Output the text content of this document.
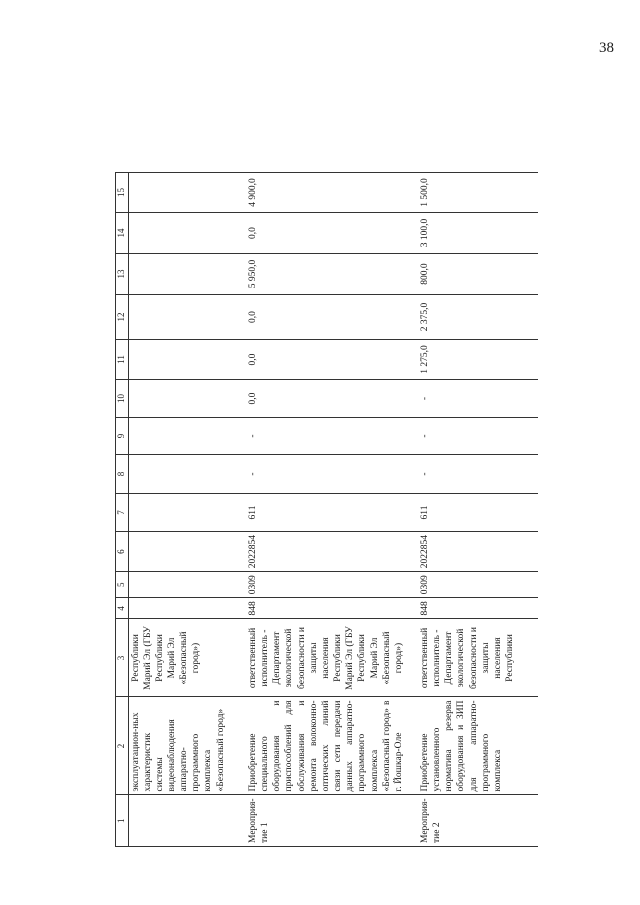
38
1	2	3	4	5	6	7	8	9	10	11	12	13	14	15
	эксплуатацион-ных характеристик системы видеонаблюдения аппаратно-программного комплекса «Безопасный город»	Республики Марий Эл (ГБУ Республики Марий Эл «Безопасный город»)												
Мероприя-тие 1	Приобретение специального оборудования и приспособлений для обслуживания и ремонта волоконно-оптических линий связи сети передачи данных аппаратно-программного комплекса «Безопасный город» в г. Йошкар-Оле	ответственный исполнитель - Департамент экологической безопасности и защиты населения Республики Марий Эл (ГБУ Республики Марий Эл «Безопасный город»)	848	0309	2022854	611	-	-	0,0	0,0	0,0	5 950,0	0,0	4 900,0
Мероприя-тие 2	Приобретение установленного норматива резерва оборудования и ЗИП для аппаратно-программного комплекса	ответственный исполнитель - Департамент экологической безопасности и защиты населения Республики	848	0309	2022854	611	-	-	-	1 275,0	2 375,0	800,0	3 100,0	1 500,0
